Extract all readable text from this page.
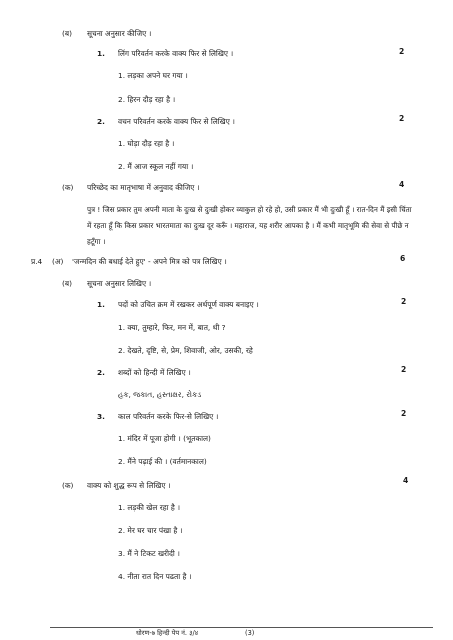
(ब) सूचना अनुसार कीजिए ।
1. लिंग परिवर्तन करके वाक्य फिर से लिखिए ।	2
1. लड़का अपने घर गया ।
2. हिरन दौड़ रहा है ।
2. वचन परिवर्तन करके वाक्य फिर से लिखिए ।	2
1. घोड़ा दौड़ रहा है ।
2. मैं आज स्कूल नहीं गया ।
(क) परिच्छेद का मातृभाषा में अनुवाद कीजिए ।	4
पुत्र ! जिस प्रकार तुम अपनी माता के दुःख से दुःखी होकर व्याकुल हो रहे हो, उसी प्रकार मैं भी दुःखी हूँ । रात-दिन मैं इसी चिंता में रहता हूँ कि किस प्रकार भारतमाता का दुःख दूर करूँ । महाराज, यह शरीर आपका है । मैं कभी मातृभूमि की सेवा से पीछे न हटूँगा ।
प्र.4 (अ) 'जन्मदिन की बधाई देते हुए' - अपने मित्र को पत्र लिखिए ।	6
(ब) सूचना अनुसार लिखिए ।
1. पदों को उचित क्रम में रखकर अर्थपूर्ण वाक्य बनाइए ।	2
1. क्या, तुम्हारे, फिर, मन में, बात, थी ?
2. देखते, दृष्टि, से, प्रेम, शिवाजी, ओर, उसकी, रहे
2. शब्दों को हिन्दी में लिखिए ।	2
હક, જકાત, હસ્તાક્ષર, રોકડ
3. काल परिवर्तन करके फिर-से लिखिए ।	2
1. मंदिर में पूजा होगी । (भूतकाल)
2. मैंने पढ़ाई की । (वर्तमानकाल)
(क) वाक्य को शुद्ध रूप से लिखिए ।
4
1. लड़की खेल रहा है ।
2. मेर घर चार पंखा है ।
3. मैं ने टिकट खरीदी ।
4. नीता रात दिन पढता है ।
धोरण-७ हिन्दी पेप नं. ३/४	(3)
